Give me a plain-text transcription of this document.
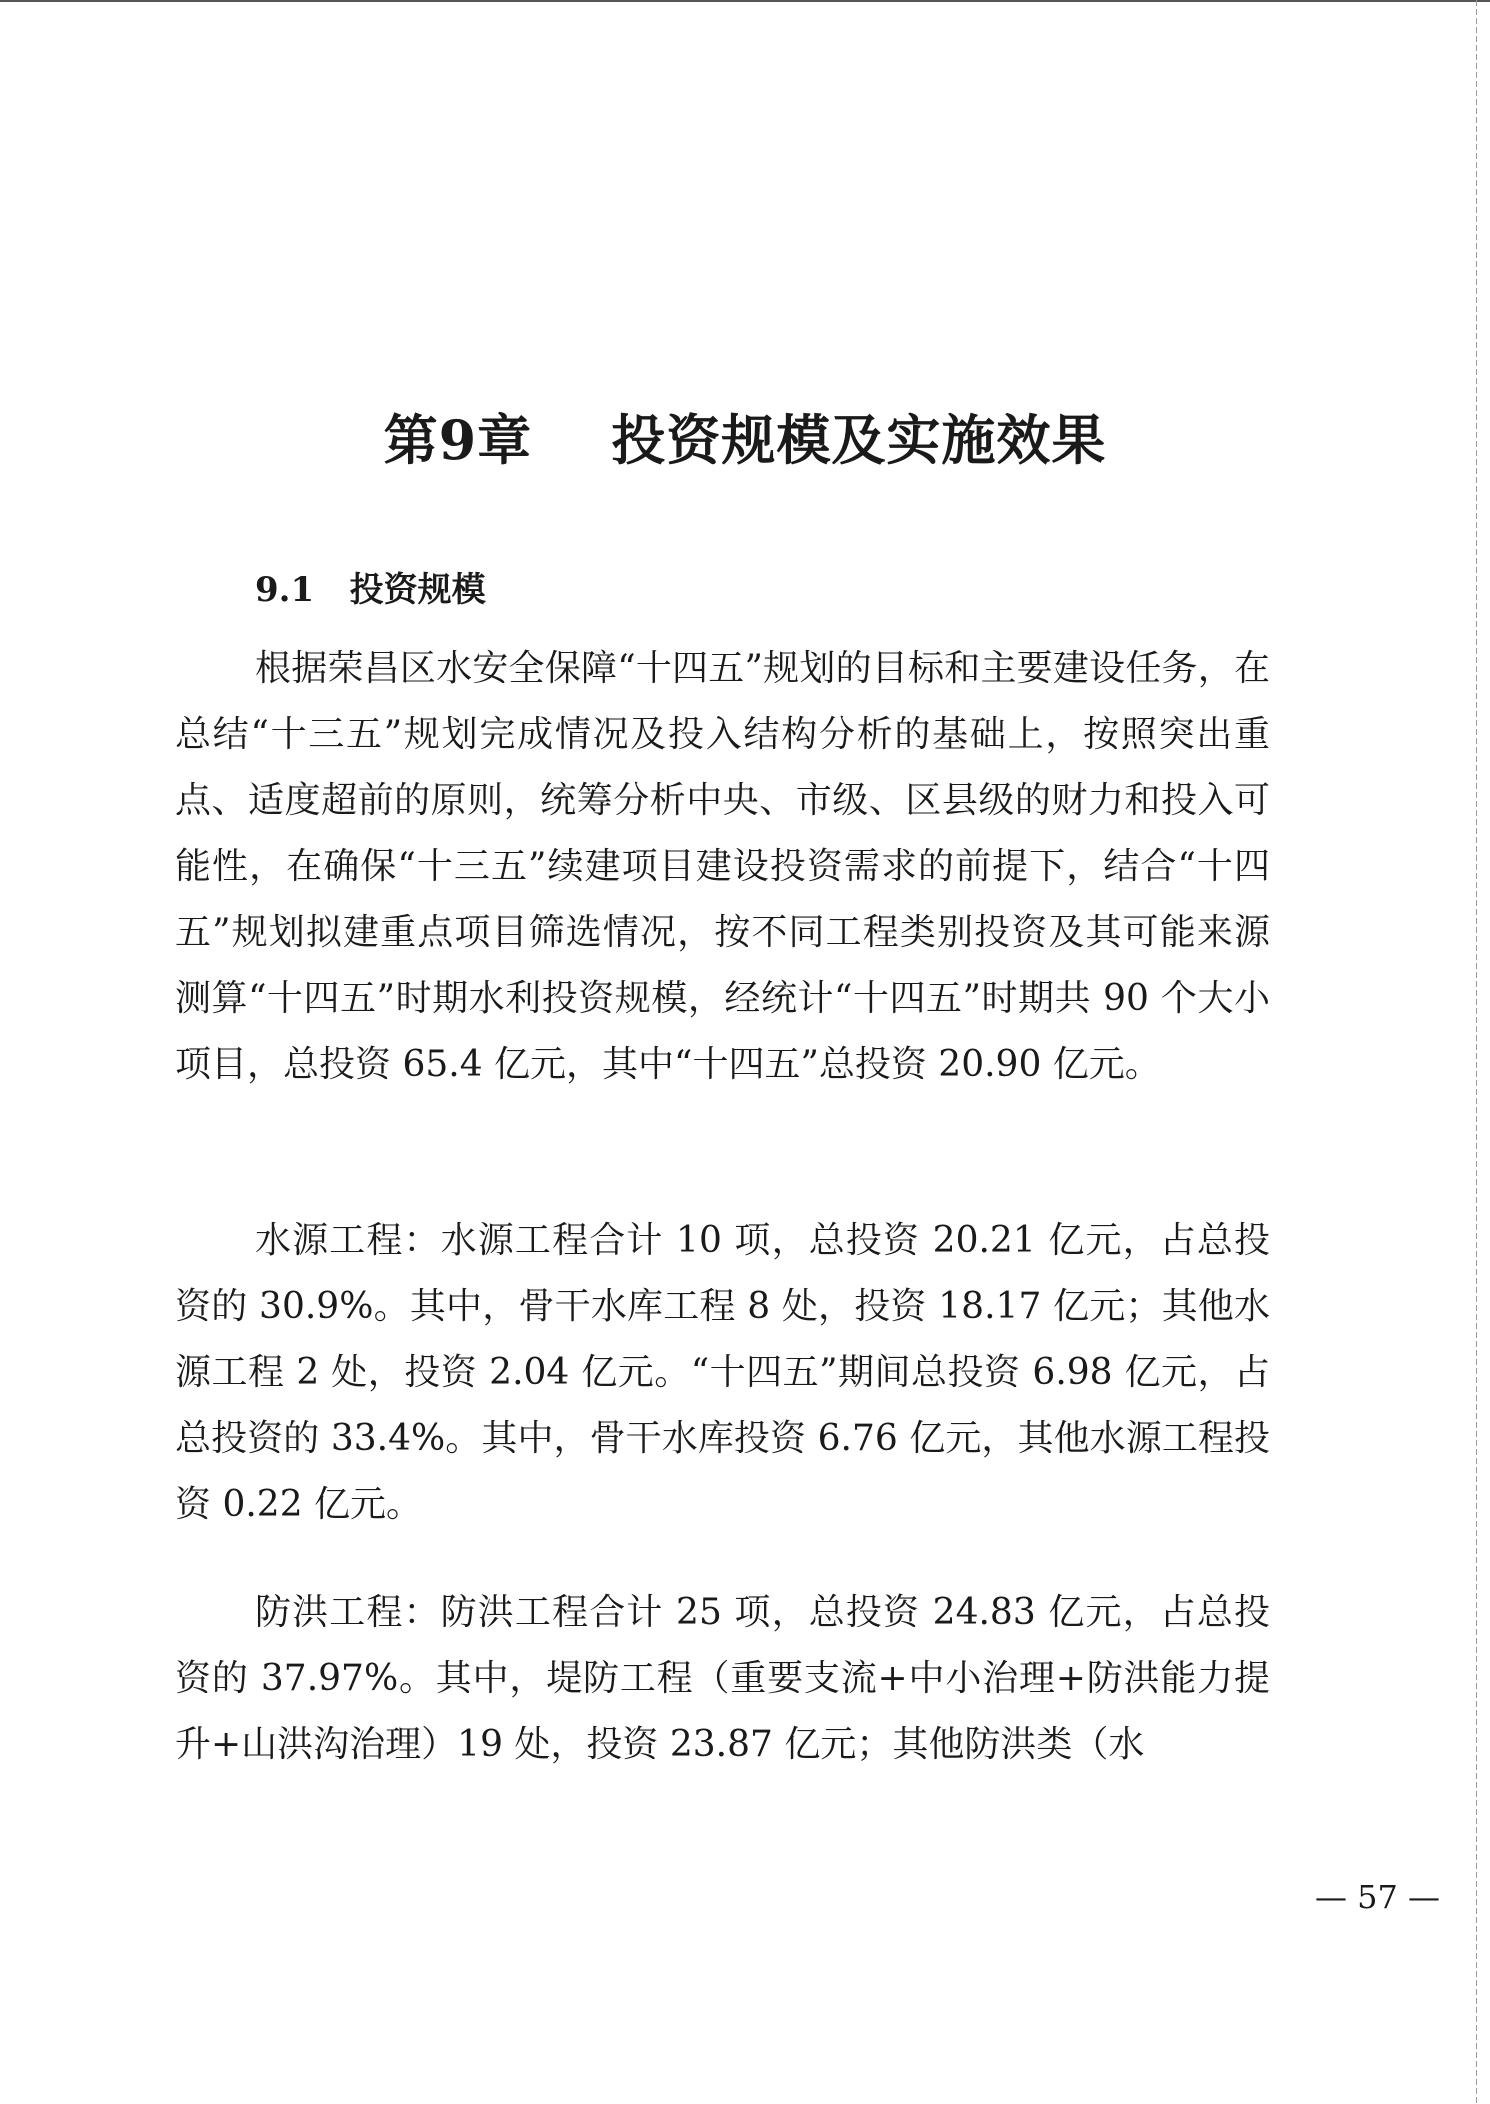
第9章    投资规模及实施效果
9.1   投资规模

根据荣昌区水安全保障“十四五”规划的目标和主要建设任务，在总结“十三五”规划完成情况及投入结构分析的基础上，按照突出重点、适度超前的原则，统筹分析中央、市级、区县级的财力和投入可能性，在确保“十三五”续建项目建设投资需求的前提下，结合“十四五”规划拟建重点项目筛选情况，按不同工程类别投资及其可能来源测算“十四五”时期水利投资规模，经统计“十四五”时期共 90 个大小项目，总投资 65.4 亿元，其中“十四五”总投资 20.90 亿元。

水源工程：水源工程合计 10 项，总投资 20.21 亿元，占总投资的 30.9%。其中，骨干水库工程 8 处，投资 18.17 亿元；其他水源工程 2 处，投资 2.04 亿元。“十四五”期间总投资 6.98 亿元，占总投资的 33.4%。其中，骨干水库投资 6.76 亿元，其他水源工程投资 0.22 亿元。

防洪工程：防洪工程合计 25 项，总投资 24.83 亿元，占总投资的 37.97%。其中，堤防工程（重要支流+中小治理+防洪能力提升+山洪沟治理）19 处，投资 23.87 亿元；其他防洪类（水

— 57 —
